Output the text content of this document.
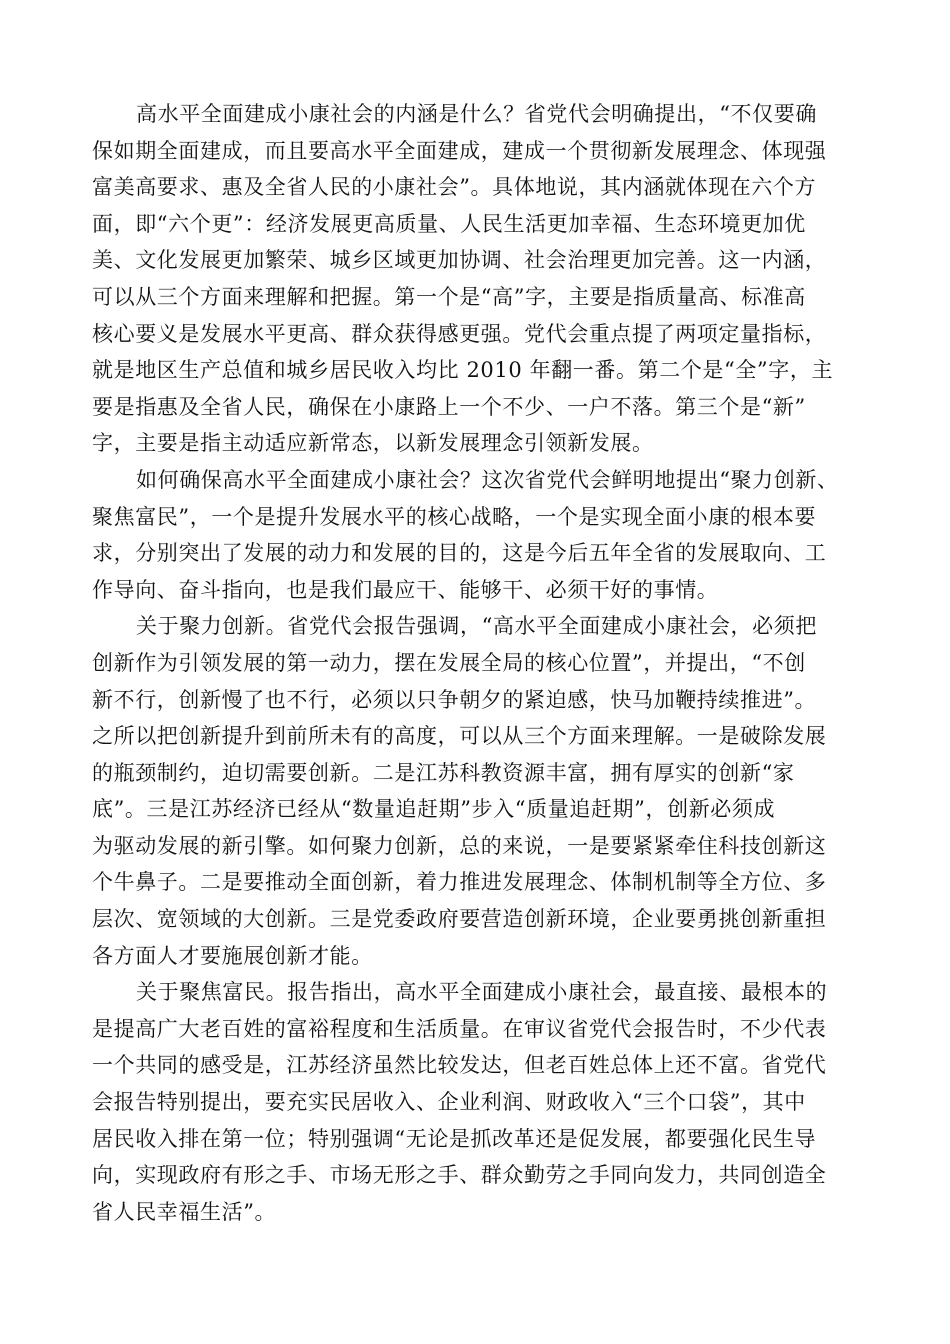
高水平全面建成小康社会的内涵是什么？省党代会明确提出，“不仅要确
保如期全面建成，而且要高水平全面建成，建成一个贯彻新发展理念、体现强
富美高要求、惠及全省人民的小康社会”。具体地说，其内涵就体现在六个方
面，即“六个更”：经济发展更高质量、人民生活更加幸福、生态环境更加优
美、文化发展更加繁荣、城乡区域更加协调、社会治理更加完善。这一内涵，
可以从三个方面来理解和把握。第一个是“高”字，主要是指质量高、标准高
核心要义是发展水平更高、群众获得感更强。党代会重点提了两项定量指标，
就是地区生产总值和城乡居民收入均比 2010 年翻一番。第二个是“全”字，主
要是指惠及全省人民，确保在小康路上一个不少、一户不落。第三个是“新”
字，主要是指主动适应新常态，以新发展理念引领新发展。
如何确保高水平全面建成小康社会？这次省党代会鲜明地提出“聚力创新、
聚焦富民”，一个是提升发展水平的核心战略，一个是实现全面小康的根本要
求，分别突出了发展的动力和发展的目的，这是今后五年全省的发展取向、工
作导向、奋斗指向，也是我们最应干、能够干、必须干好的事情。
关于聚力创新。省党代会报告强调，“高水平全面建成小康社会，必须把
创新作为引领发展的第一动力，摆在发展全局的核心位置”，并提出，“不创
新不行，创新慢了也不行，必须以只争朝夕的紧迫感，快马加鞭持续推进”。
之所以把创新提升到前所未有的高度，可以从三个方面来理解。一是破除发展
的瓶颈制约，迫切需要创新。二是江苏科教资源丰富，拥有厚实的创新“家
底”。三是江苏经济已经从“数量追赶期”步入“质量追赶期”，创新必须成
为驱动发展的新引擎。如何聚力创新，总的来说，一是要紧紧牵住科技创新这
个牛鼻子。二是要推动全面创新，着力推进发展理念、体制机制等全方位、多
层次、宽领域的大创新。三是党委政府要营造创新环境，企业要勇挑创新重担
各方面人才要施展创新才能。
关于聚焦富民。报告指出，高水平全面建成小康社会，最直接、最根本的
是提高广大老百姓的富裕程度和生活质量。在审议省党代会报告时，不少代表
一个共同的感受是，江苏经济虽然比较发达，但老百姓总体上还不富。省党代
会报告特别提出，要充实民居收入、企业利润、财政收入“三个口袋”，其中
居民收入排在第一位；特别强调“无论是抓改革还是促发展，都要强化民生导
向，实现政府有形之手、市场无形之手、群众勤劳之手同向发力，共同创造全
省人民幸福生活”。
